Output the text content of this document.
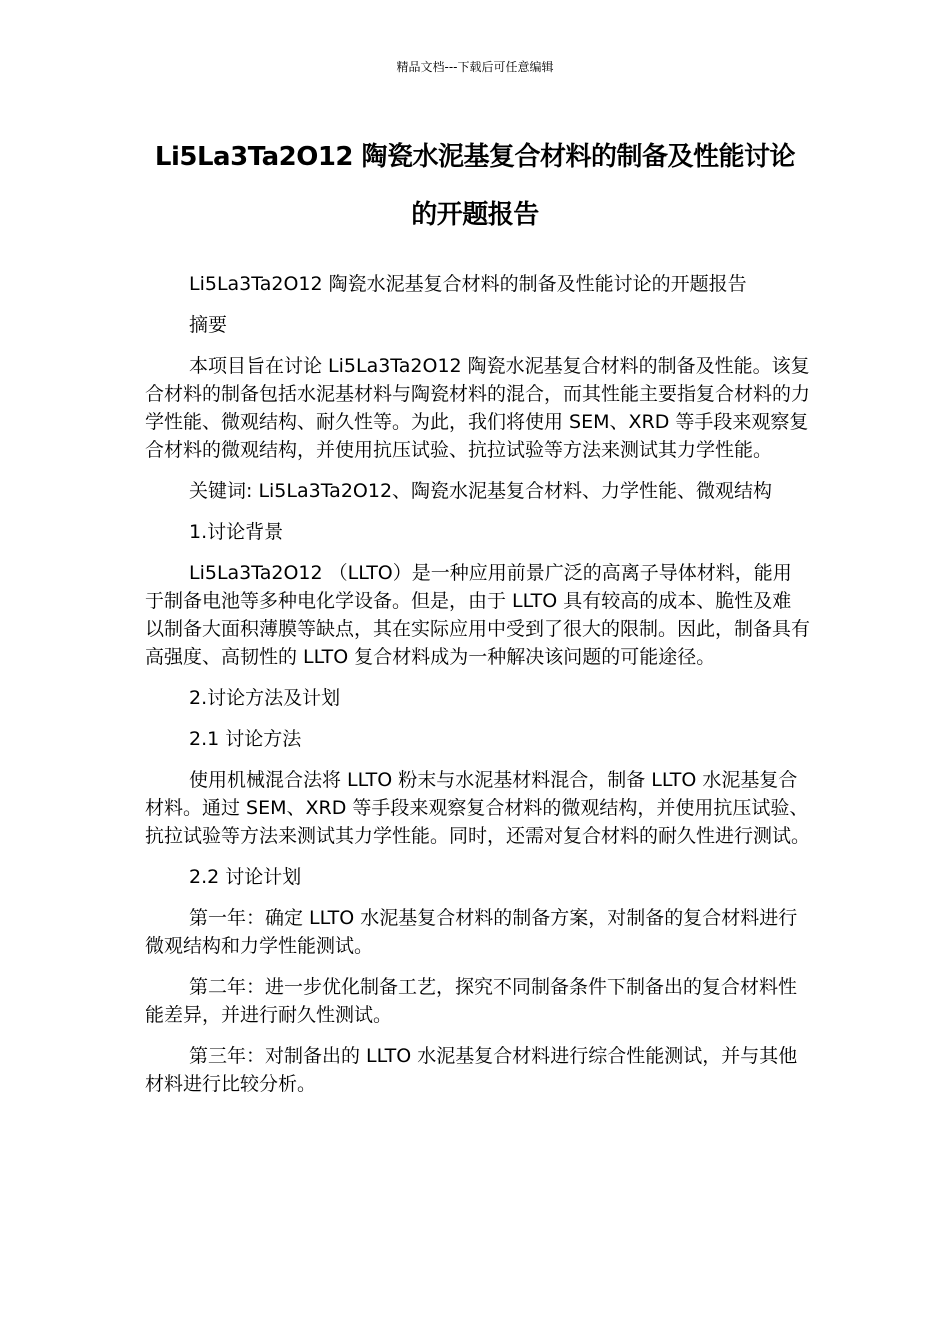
精品文档---下载后可任意编辑
Li5La3Ta2O12 陶瓷水泥基复合材料的制备及性能讨论的开题报告

Li5La3Ta2O12 陶瓷水泥基复合材料的制备及性能讨论的开题报告

摘要

本项目旨在讨论 Li5La3Ta2O12 陶瓷水泥基复合材料的制备及性能。该复合材料的制备包括水泥基材料与陶瓷材料的混合，而其性能主要指复合材料的力学性能、微观结构、耐久性等。为此，我们将使用 SEM、XRD 等手段来观察复合材料的微观结构，并使用抗压试验、抗拉试验等方法来测试其力学性能。

关键词: Li5La3Ta2O12、陶瓷水泥基复合材料、力学性能、微观结构

1.讨论背景

Li5La3Ta2O12 （LLTO）是一种应用前景广泛的高离子导体材料，能用于制备电池等多种电化学设备。但是，由于 LLTO 具有较高的成本、脆性及难以制备大面积薄膜等缺点，其在实际应用中受到了很大的限制。因此，制备具有高强度、高韧性的 LLTO 复合材料成为一种解决该问题的可能途径。

2.讨论方法及计划

2.1 讨论方法

使用机械混合法将 LLTO 粉末与水泥基材料混合，制备 LLTO 水泥基复合材料。通过 SEM、XRD 等手段来观察复合材料的微观结构，并使用抗压试验、抗拉试验等方法来测试其力学性能。同时，还需对复合材料的耐久性进行测试。

2.2 讨论计划

第一年：确定 LLTO 水泥基复合材料的制备方案，对制备的复合材料进行微观结构和力学性能测试。

第二年：进一步优化制备工艺，探究不同制备条件下制备出的复合材料性能差异，并进行耐久性测试。

第三年：对制备出的 LLTO 水泥基复合材料进行综合性能测试，并与其他材料进行比较分析。
